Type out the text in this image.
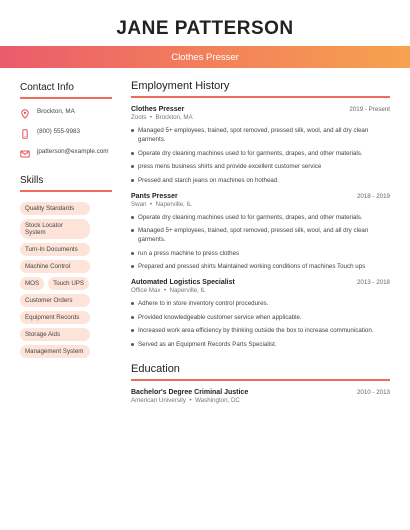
JANE PATTERSON
Clothes Presser
Contact Info
Brockton, MA
(800) 555-9983
jpatterson@example.com
Skills
Quality Standards
Stock Locator System
Turn-In Documents
Machine Control
MOS	Touch UPS
Customer Orders
Equipment Records
Storage Aids
Management System
Employment History
Clothes Presser	2019 - Present
Zoots  •  Brockton, MA
Managed 5+ employees, trained, spot removed, pressed silk, wool, and all dry clean garments.
Operate dry cleaning machines used to for garments, drapes, and other materials.
press mens business shirts and provide excellent customer service
Pressed and starch jeans on machines on hothead.
Pants Presser	2018 - 2019
Swan  •  Naperville, IL
Operate dry cleaning machines used to for garments, drapes, and other materials.
Managed 5+ employees, trained, spot removed, pressed silk, wool, and all dry clean garments.
run a press machine to press clothes
Prepared and pressed shirts Maintained working conditions of machines Touch ups
Automated Logistics Specialist	2013 - 2018
Office Max  •  Naperville, IL
Adhere to in store inventory control procedures.
Provided knowledgeable customer service when applicable.
Increased work area efficiency by thinking outside the box to increase communication.
Served as an Equipment Records Parts Specialist.
Education
Bachelor's Degree Criminal Justice	2010 - 2013
American University  •  Washington, DC
